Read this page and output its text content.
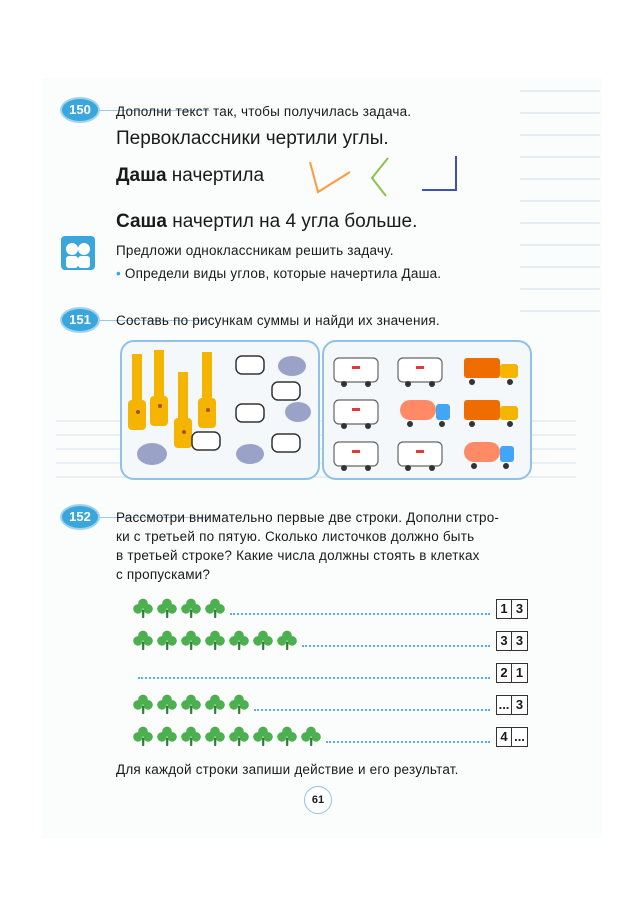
150	Дополни текст так, чтобы получилась задача.
Первоклассники чертили углы.
Даша начертила
Саша начертил на 4 угла больше.
Предложи одноклассникам решить задачу.
• Определи виды углов, которые начертила Даша.
151	Составь по рисункам суммы и найди их значения.
152	Рассмотри внимательно первые две строки. Дополни стро-
ки с третьей по пятую. Сколько листочков должно быть
в третьей строке? Какие числа должны стоять в клетках
с пропусками?
1 3
3 3
2 1
... 3
4 ...
Для каждой строки запиши действие и его результат.
61
